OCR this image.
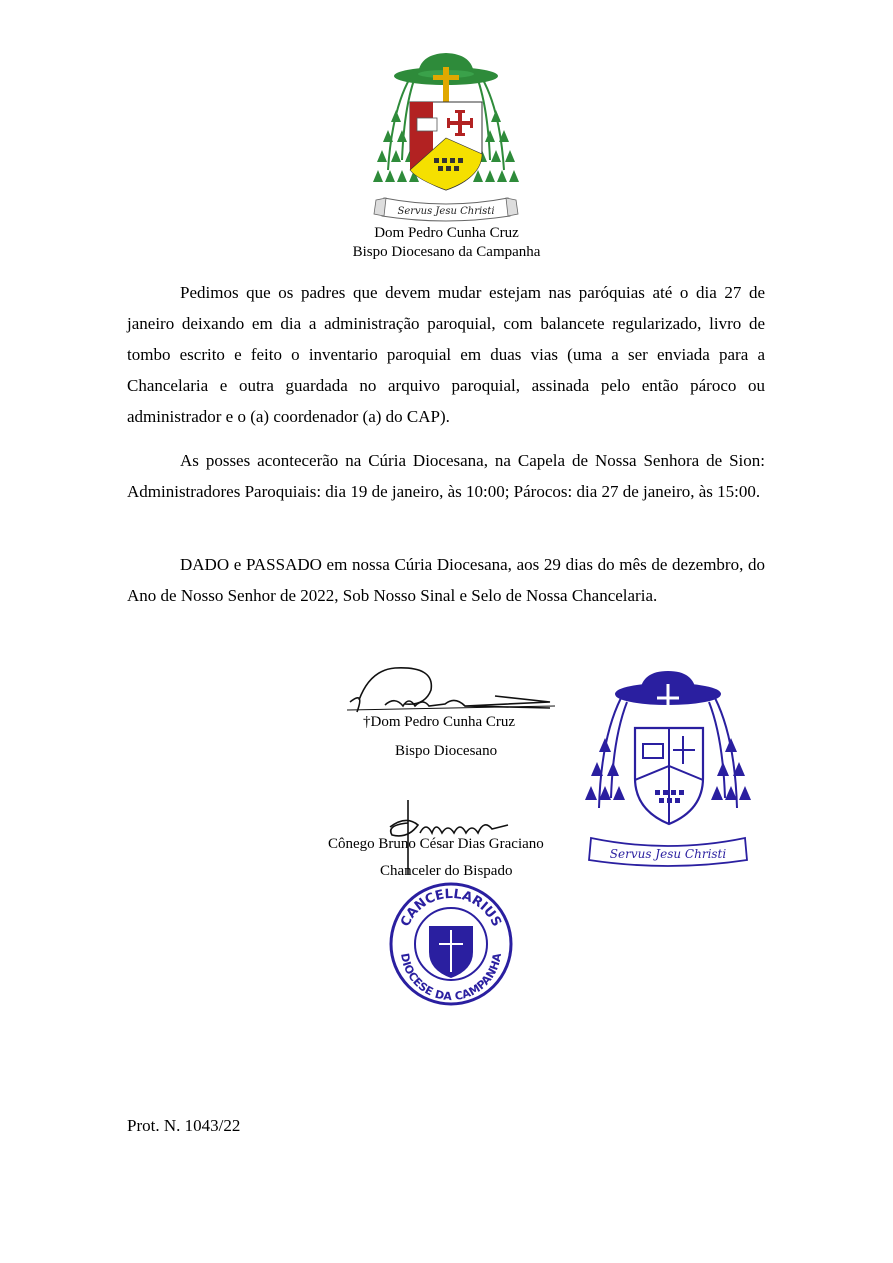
Servus Jesu Christi
Dom Pedro Cunha Cruz
Bispo Diocesano da Campanha

Pedimos que os padres que devem mudar estejam nas paróquias até o dia 27 de janeiro deixando em dia a administração paroquial, com balancete regularizado, livro de tombo escrito e feito o inventario paroquial em duas vias (uma a ser enviada para a Chancelaria e outra guardada no arquivo paroquial, assinada pelo então pároco ou administrador e o (a) coordenador (a) do CAP).

As posses acontecerão na Cúria Diocesana, na Capela de Nossa Senhora de Sion: Administradores Paroquiais: dia 19 de janeiro, às 10:00; Párocos: dia 27 de janeiro, às 15:00.

DADO e PASSADO em nossa Cúria Diocesana, aos 29 dias do mês de dezembro, do Ano de Nosso Senhor de 2022, Sob Nosso Sinal e Selo de Nossa Chancelaria.

†Dom Pedro Cunha Cruz
Bispo Diocesano
Cônego Bruno César Dias Graciano
Chanceler do Bispado
Servus Jesu Christi
CANCELLARIUS
DIOCESE DA CAMPANHA
Prot. N. 1043/22
